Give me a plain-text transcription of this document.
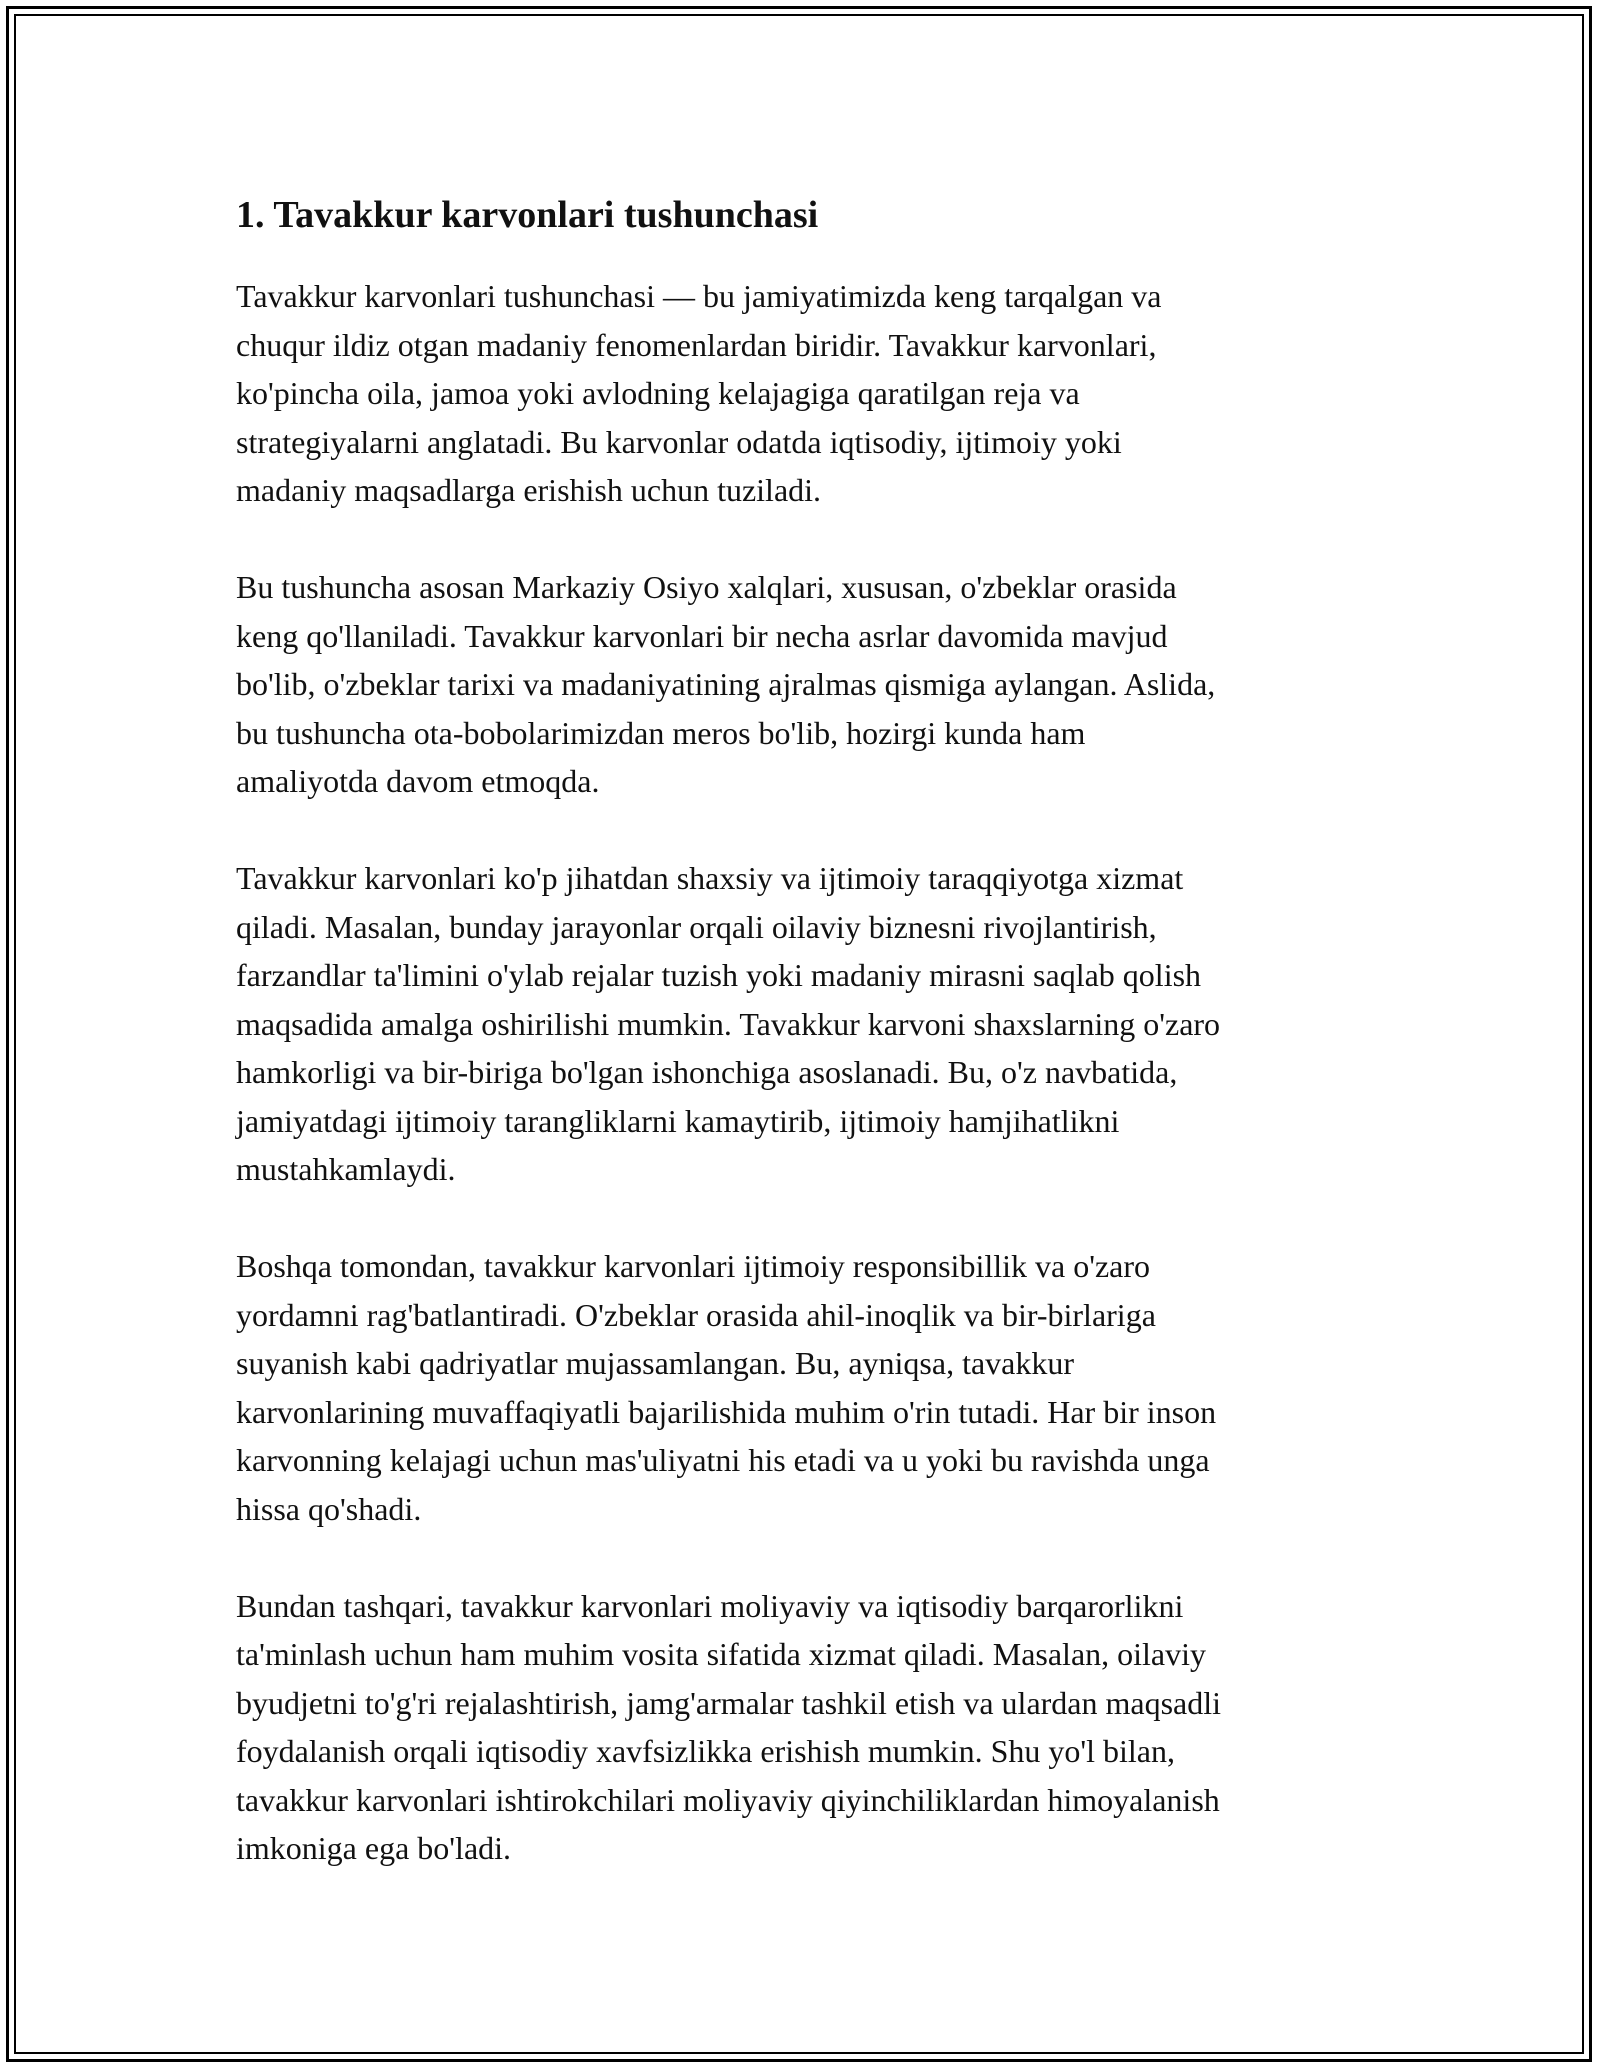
1. Tavakkur karvonlari tushunchasi

Tavakkur karvonlari tushunchasi — bu jamiyatimizda keng tarqalgan va
chuqur ildiz otgan madaniy fenomenlardan biridir. Tavakkur karvonlari,
ko'pincha oila, jamoa yoki avlodning kelajagiga qaratilgan reja va
strategiyalarni anglatadi. Bu karvonlar odatda iqtisodiy, ijtimoiy yoki
madaniy maqsadlarga erishish uchun tuziladi.

Bu tushuncha asosan Markaziy Osiyo xalqlari, xususan, o'zbeklar orasida
keng qo'llaniladi. Tavakkur karvonlari bir necha asrlar davomida mavjud
bo'lib, o'zbeklar tarixi va madaniyatining ajralmas qismiga aylangan. Aslida,
bu tushuncha ota-bobolarimizdan meros bo'lib, hozirgi kunda ham
amaliyotda davom etmoqda.

Tavakkur karvonlari ko'p jihatdan shaxsiy va ijtimoiy taraqqiyotga xizmat
qiladi. Masalan, bunday jarayonlar orqali oilaviy biznesni rivojlantirish,
farzandlar ta'limini o'ylab rejalar tuzish yoki madaniy mirasni saqlab qolish
maqsadida amalga oshirilishi mumkin. Tavakkur karvoni shaxslarning o'zaro
hamkorligi va bir-biriga bo'lgan ishonchiga asoslanadi. Bu, o'z navbatida,
jamiyatdagi ijtimoiy tarangliklarni kamaytirib, ijtimoiy hamjihatlikni
mustahkamlaydi.

Boshqa tomondan, tavakkur karvonlari ijtimoiy responsibillik va o'zaro
yordamni rag'batlantiradi. O'zbeklar orasida ahil-inoqlik va bir-birlariga
suyanish kabi qadriyatlar mujassamlangan. Bu, ayniqsa, tavakkur
karvonlarining muvaffaqiyatli bajarilishida muhim o'rin tutadi. Har bir inson
karvonning kelajagi uchun mas'uliyatni his etadi va u yoki bu ravishda unga
hissa qo'shadi.

Bundan tashqari, tavakkur karvonlari moliyaviy va iqtisodiy barqarorlikni
ta'minlash uchun ham muhim vosita sifatida xizmat qiladi. Masalan, oilaviy
byudjetni to'g'ri rejalashtirish, jamg'armalar tashkil etish va ulardan maqsadli
foydalanish orqali iqtisodiy xavfsizlikka erishish mumkin. Shu yo'l bilan,
tavakkur karvonlari ishtirokchilari moliyaviy qiyinchiliklardan himoyalanish
imkoniga ega bo'ladi.
